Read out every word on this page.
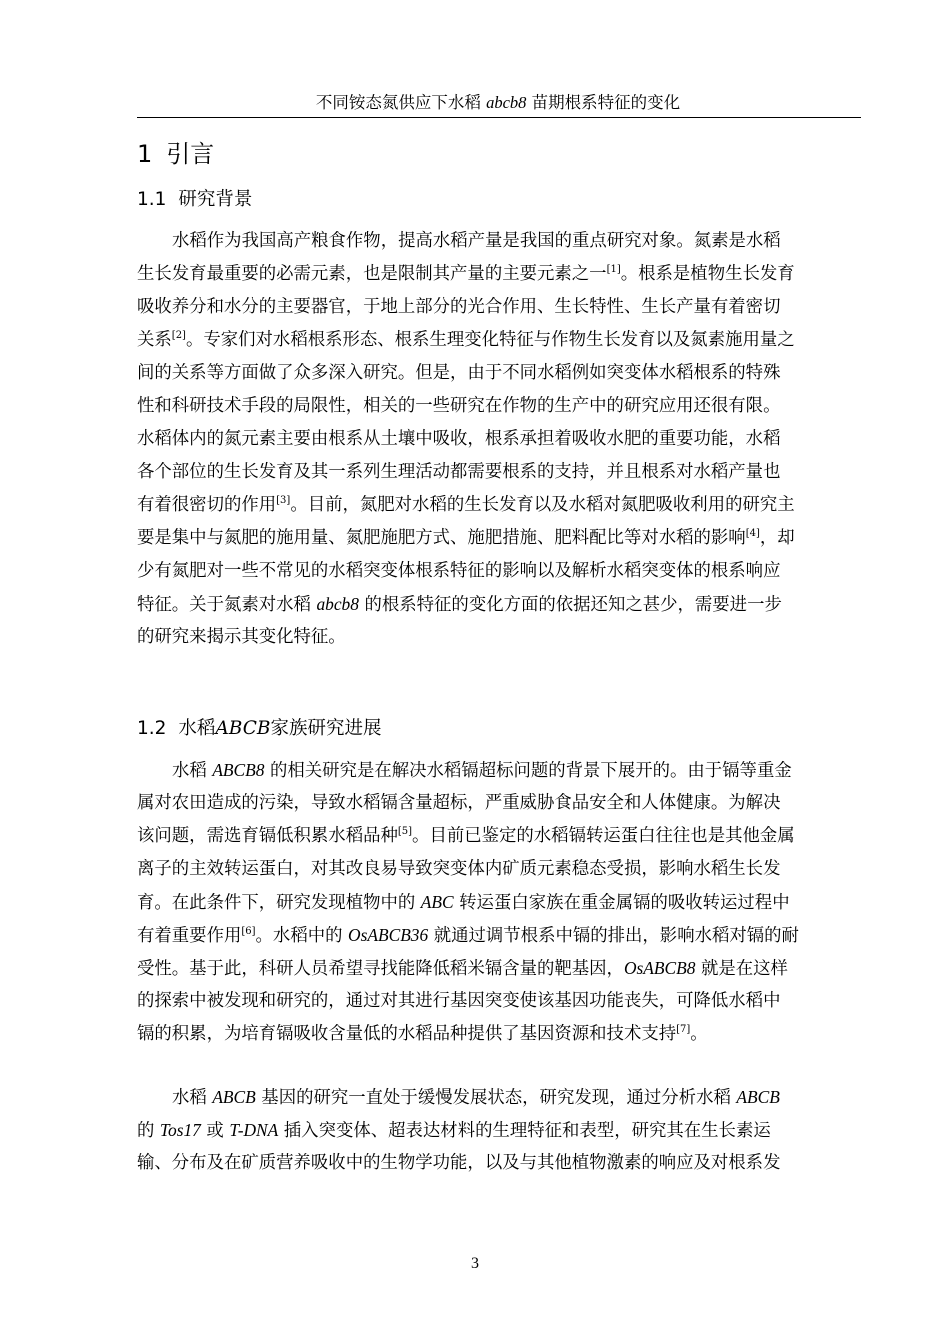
不同铵态氮供应下水稻 abcb8 苗期根系特征的变化
1 引言
1.1 研究背景
水稻作为我国高产粮食作物，提高水稻产量是我国的重点研究对象。氮素是水稻
生长发育最重要的必需元素，也是限制其产量的主要元素之一[1]。根系是植物生长发育
吸收养分和水分的主要器官，于地上部分的光合作用、生长特性、生长产量有着密切
关系[2]。专家们对水稻根系形态、根系生理变化特征与作物生长发育以及氮素施用量之
间的关系等方面做了众多深入研究。但是，由于不同水稻例如突变体水稻根系的特殊
性和科研技术手段的局限性，相关的一些研究在作物的生产中的研究应用还很有限。
水稻体内的氮元素主要由根系从土壤中吸收，根系承担着吸收水肥的重要功能，水稻
各个部位的生长发育及其一系列生理活动都需要根系的支持，并且根系对水稻产量也
有着很密切的作用[3]。目前，氮肥对水稻的生长发育以及水稻对氮肥吸收利用的研究主
要是集中与氮肥的施用量、氮肥施肥方式、施肥措施、肥料配比等对水稻的影响[4]，却
少有氮肥对一些不常见的水稻突变体根系特征的影响以及解析水稻突变体的根系响应
特征。关于氮素对水稻 abcb8 的根系特征的变化方面的依据还知之甚少，需要进一步
的研究来揭示其变化特征。
1.2 水稻ABCB家族研究进展
水稻 ABCB8 的相关研究是在解决水稻镉超标问题的背景下展开的。由于镉等重金
属对农田造成的污染，导致水稻镉含量超标，严重威胁食品安全和人体健康。为解决
该问题，需选育镉低积累水稻品种[5]。目前已鉴定的水稻镉转运蛋白往往也是其他金属
离子的主效转运蛋白，对其改良易导致突变体内矿质元素稳态受损，影响水稻生长发
育。在此条件下，研究发现植物中的 ABC 转运蛋白家族在重金属镉的吸收转运过程中
有着重要作用[6]。水稻中的 OsABCB36 就通过调节根系中镉的排出，影响水稻对镉的耐
受性。基于此，科研人员希望寻找能降低稻米镉含量的靶基因，OsABCB8 就是在这样
的探索中被发现和研究的，通过对其进行基因突变使该基因功能丧失，可降低水稻中
镉的积累，为培育镉吸收含量低的水稻品种提供了基因资源和技术支持[7]。
水稻 ABCB 基因的研究一直处于缓慢发展状态，研究发现，通过分析水稻 ABCB
的 Tos17 或 T-DNA 插入突变体、超表达材料的生理特征和表型，研究其在生长素运
输、分布及在矿质营养吸收中的生物学功能，以及与其他植物激素的响应及对根系发
3
